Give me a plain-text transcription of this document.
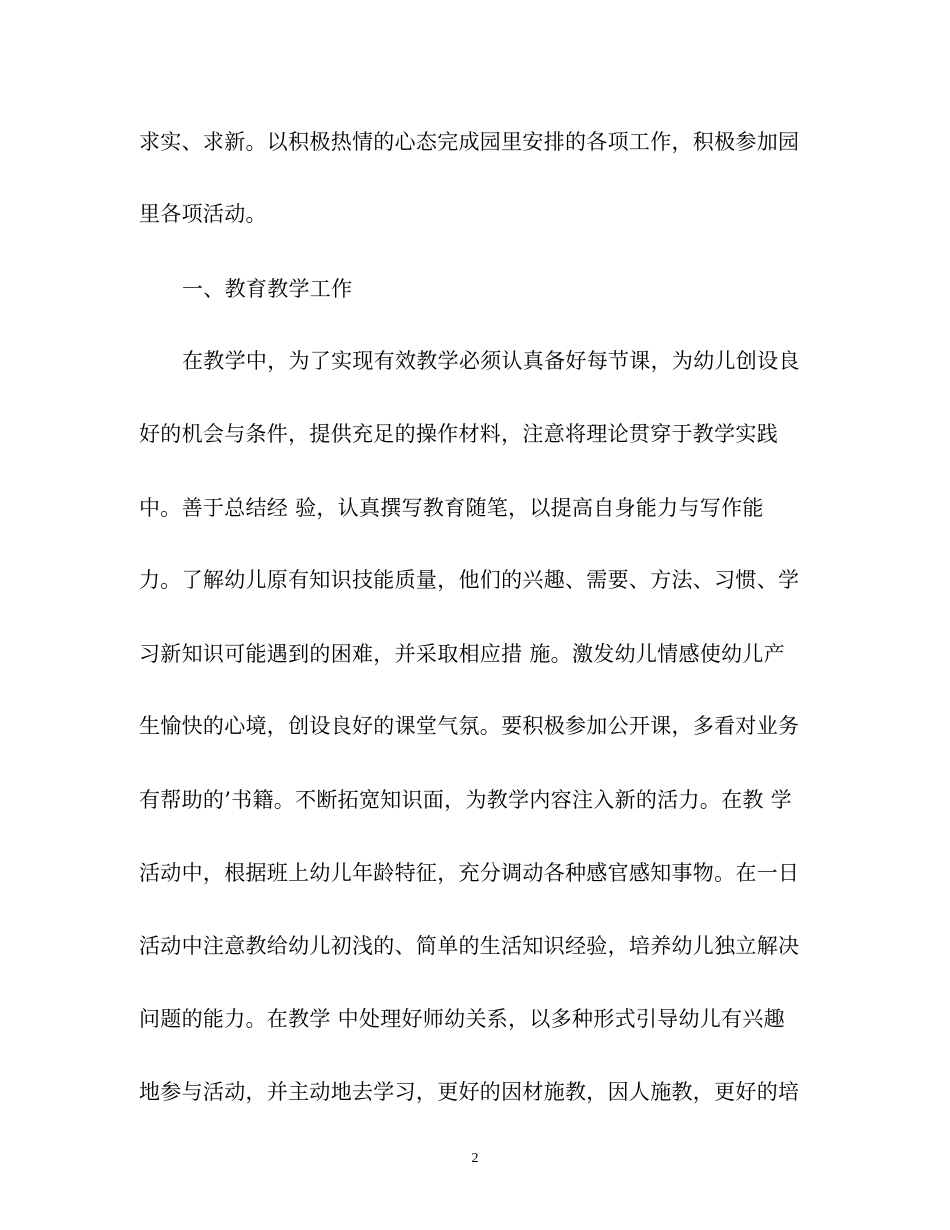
求实、求新。以积极热情的心态完成园里安排的各项工作，积极参加园
里各项活动。
一、教育教学工作
在教学中，为了实现有效教学必须认真备好每节课，为幼儿创设良
好的机会与条件，提供充足的操作材料，注意将理论贯穿于教学实践
中。善于总结经 验，认真撰写教育随笔，以提高自身能力与写作能
力。了解幼儿原有知识技能质量，他们的兴趣、需要、方法、习惯、学
习新知识可能遇到的困难，并采取相应措 施。激发幼儿情感使幼儿产
生愉快的心境，创设良好的课堂气氛。要积极参加公开课，多看对业务
有帮助的’书籍。不断拓宽知识面，为教学内容注入新的活力。在教 学
活动中，根据班上幼儿年龄特征，充分调动各种感官感知事物。在一日
活动中注意教给幼儿初浅的、简单的生活知识经验，培养幼儿独立解决
问题的能力。在教学 中处理好师幼关系，以多种形式引导幼儿有兴趣
地参与活动，并主动地去学习，更好的因材施教，因人施教，更好的培
2
